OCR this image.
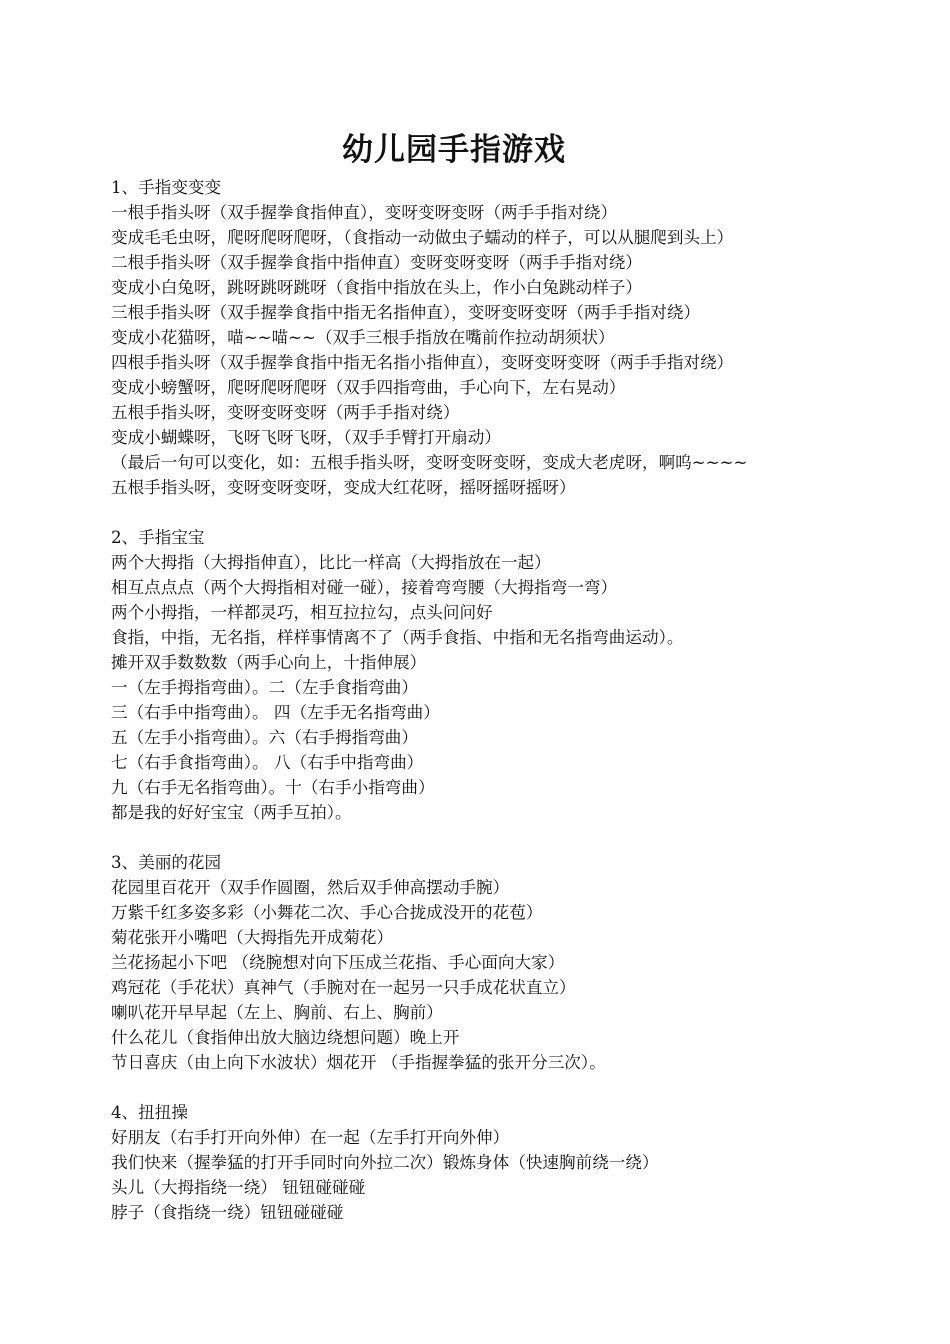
幼儿园手指游戏

1、手指变变变

一根手指头呀（双手握拳食指伸直），变呀变呀变呀（两手手指对绕）

变成毛毛虫呀，爬呀爬呀爬呀，（食指动一动做虫子蠕动的样子，可以从腿爬到头上）

二根手指头呀（双手握拳食指中指伸直）变呀变呀变呀（两手手指对绕）

变成小白兔呀，跳呀跳呀跳呀（食指中指放在头上，作小白兔跳动样子）

三根手指头呀（双手握拳食指中指无名指伸直），变呀变呀变呀（两手手指对绕）

变成小花猫呀，喵~~喵~~（双手三根手指放在嘴前作拉动胡须状）

四根手指头呀（双手握拳食指中指无名指小指伸直），变呀变呀变呀（两手手指对绕）

变成小螃蟹呀，爬呀爬呀爬呀（双手四指弯曲，手心向下，左右晃动）

五根手指头呀，变呀变呀变呀（两手手指对绕）

变成小蝴蝶呀，飞呀飞呀飞呀，（双手手臂打开扇动）

（最后一句可以变化，如：五根手指头呀，变呀变呀变呀，变成大老虎呀，啊呜~~~~

五根手指头呀，变呀变呀变呀，变成大红花呀，摇呀摇呀摇呀）

2、手指宝宝

两个大拇指（大拇指伸直），比比一样高（大拇指放在一起）

相互点点点（两个大拇指相对碰一碰），接着弯弯腰（大拇指弯一弯）

两个小拇指，一样都灵巧，相互拉拉勾，点头问问好

食指，中指，无名指，样样事情离不了（两手食指、中指和无名指弯曲运动）。

摊开双手数数数（两手心向上，十指伸展）

一（左手拇指弯曲）。二（左手食指弯曲）

三（右手中指弯曲）。 四（左手无名指弯曲）

五（左手小指弯曲）。六（右手拇指弯曲）

七（右手食指弯曲）。 八（右手中指弯曲）

九（右手无名指弯曲）。十（右手小指弯曲）

都是我的好好宝宝（两手互拍）。

3、美丽的花园

花园里百花开（双手作圆圈，然后双手伸高摆动手腕）

万紫千红多姿多彩（小舞花二次、手心合拢成没开的花苞）

菊花张开小嘴吧（大拇指先开成菊花）

兰花扬起小下吧 （绕腕想对向下压成兰花指、手心面向大家）

鸡冠花（手花状）真神气（手腕对在一起另一只手成花状直立）

喇叭花开早早起（左上、胸前、右上、胸前）

什么花儿（食指伸出放大脑边绕想问题）晚上开

节日喜庆（由上向下水波状）烟花开 （手指握拳猛的张开分三次）。

4、扭扭操

好朋友（右手打开向外伸）在一起（左手打开向外伸）

我们快来（握拳猛的打开手同时向外拉二次）锻炼身体（快速胸前绕一绕）

头儿（大拇指绕一绕） 钮钮碰碰碰

脖子（食指绕一绕）钮钮碰碰碰
